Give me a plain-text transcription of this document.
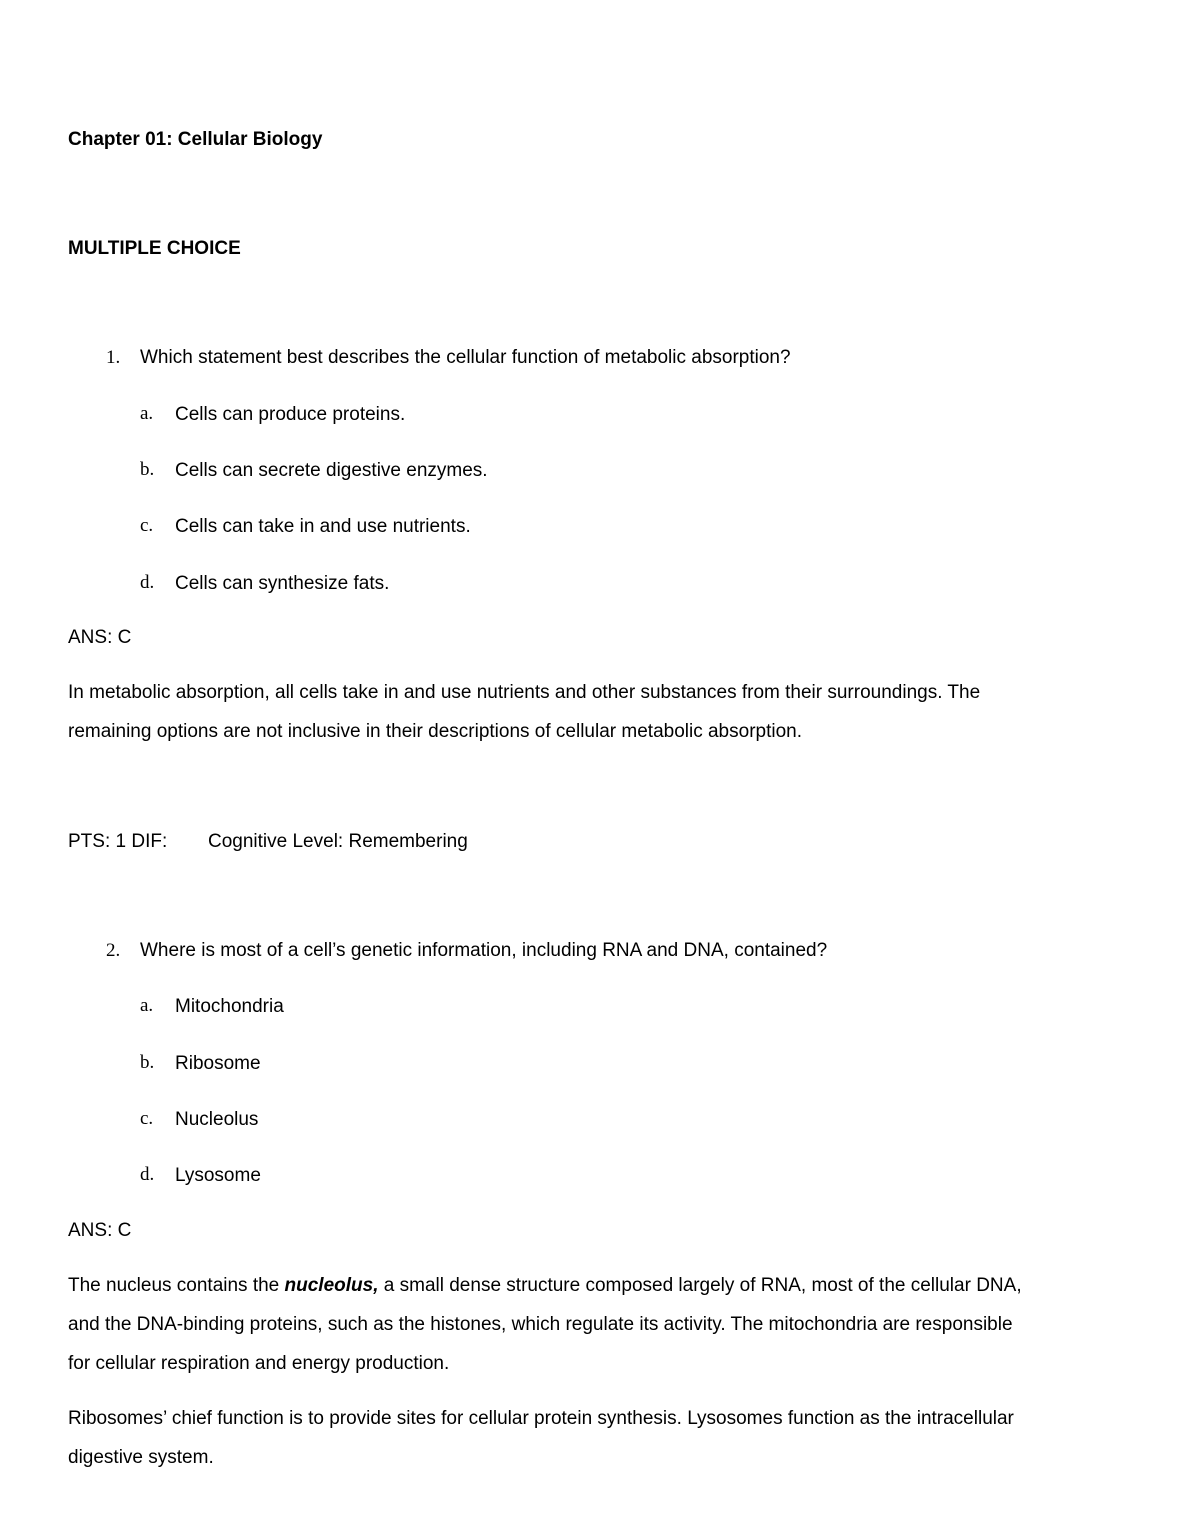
Chapter 01: Cellular Biology
MULTIPLE CHOICE
1. Which statement best describes the cellular function of metabolic absorption?
a. Cells can produce proteins.
b. Cells can secrete digestive enzymes.
c. Cells can take in and use nutrients.
d. Cells can synthesize fats.
ANS: C
In metabolic absorption, all cells take in and use nutrients and other substances from their surroundings. The
remaining options are not inclusive in their descriptions of cellular metabolic absorption.
PTS: 1 DIF: Cognitive Level: Remembering
2. Where is most of a cell’s genetic information, including RNA and DNA, contained?
a. Mitochondria
b. Ribosome
c. Nucleolus
d. Lysosome
ANS: C
The nucleus contains the nucleolus, a small dense structure composed largely of RNA, most of the cellular DNA,
and the DNA-binding proteins, such as the histones, which regulate its activity. The mitochondria are responsible
for cellular respiration and energy production.
Ribosomes’ chief function is to provide sites for cellular protein synthesis. Lysosomes function as the intracellular
digestive system.
